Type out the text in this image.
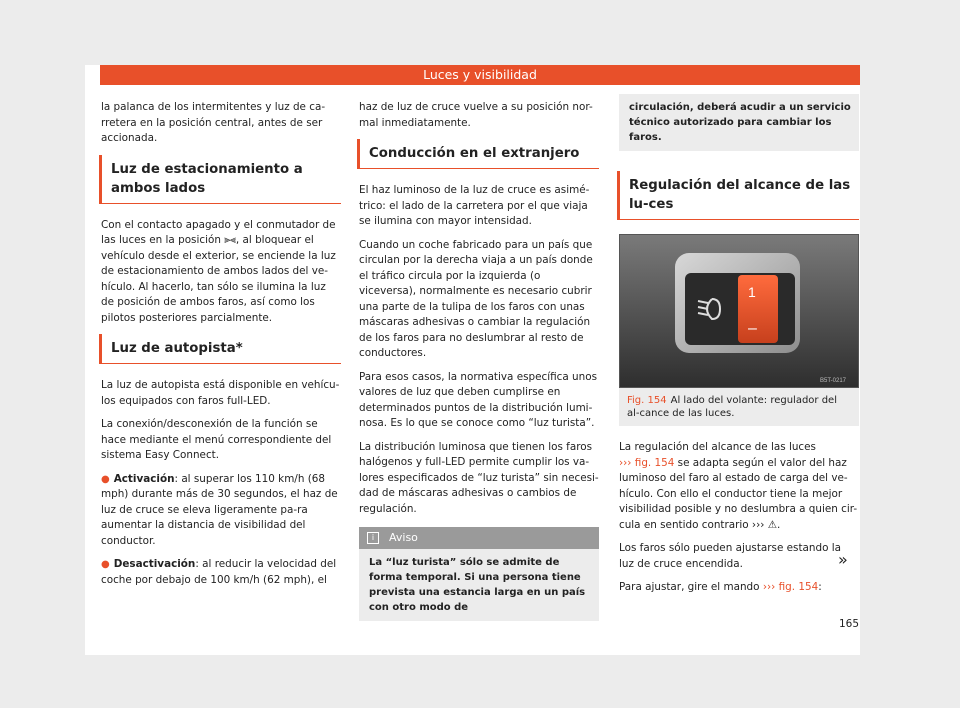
Luces y visibilidad

la palanca de los intermitentes y luz de ca-rretera en la posición central, antes de ser accionada.

Luz de estacionamiento a ambos lados

Con el contacto apagado y el conmutador de las luces en la posición ⫸⫷, al bloquear el vehículo desde el exterior, se enciende la luz de estacionamiento de ambos lados del ve-hículo. Al hacerlo, tan sólo se ilumina la luz de posición de ambos faros, así como los pilotos posteriores parcialmente.

Luz de autopista*

La luz de autopista está disponible en vehícu-los equipados con faros full-LED.

La conexión/desconexión de la función se hace mediante el menú correspondiente del sistema Easy Connect.

● Activación: al superar los 110 km/h (68 mph) durante más de 30 segundos, el haz de luz de cruce se eleva ligeramente pa-ra aumentar la distancia de visibilidad del conductor.

● Desactivación: al reducir la velocidad del coche por debajo de 100 km/h (62 mph), el

haz de luz de cruce vuelve a su posición nor-mal inmediatamente.

Conducción en el extranjero

El haz luminoso de la luz de cruce es asimé-trico: el lado de la carretera por el que viaja se ilumina con mayor intensidad.

Cuando un coche fabricado para un país que circulan por la derecha viaja a un país donde el tráfico circula por la izquierda (o viceversa), normalmente es necesario cubrir una parte de la tulipa de los faros con unas máscaras adhesivas o cambiar la regulación de los faros para no deslumbrar al resto de conductores.

Para esos casos, la normativa específica unos valores de luz que deben cumplirse en determinados puntos de la distribución lumi-nosa. Es lo que se conoce como “luz turista”.

La distribución luminosa que tienen los faros halógenos y full-LED permite cumplir los va-lores especificados de “luz turista” sin necesi-dad de máscaras adhesivas o cambios de regulación.

i Aviso
La “luz turista” sólo se admite de forma temporal. Si una persona tiene prevista una estancia larga en un país con otro modo de
circulación, deberá acudir a un servicio técnico autorizado para cambiar los faros.
Regulación del alcance de las lu-ces
1
–
B5T-0217
Fig. 154 Al lado del volante: regulador del al-cance de las luces.

La regulación del alcance de las luces
››› fig. 154 se adapta según el valor del haz luminoso del faro al estado de carga del ve-hículo. Con ello el conductor tiene la mejor visibilidad posible y no deslumbra a quien cir-cula en sentido contrario ››› ⚠.

Los faros sólo pueden ajustarse estando la luz de cruce encendida.

Para ajustar, gire el mando ››› fig. 154:

»
165
